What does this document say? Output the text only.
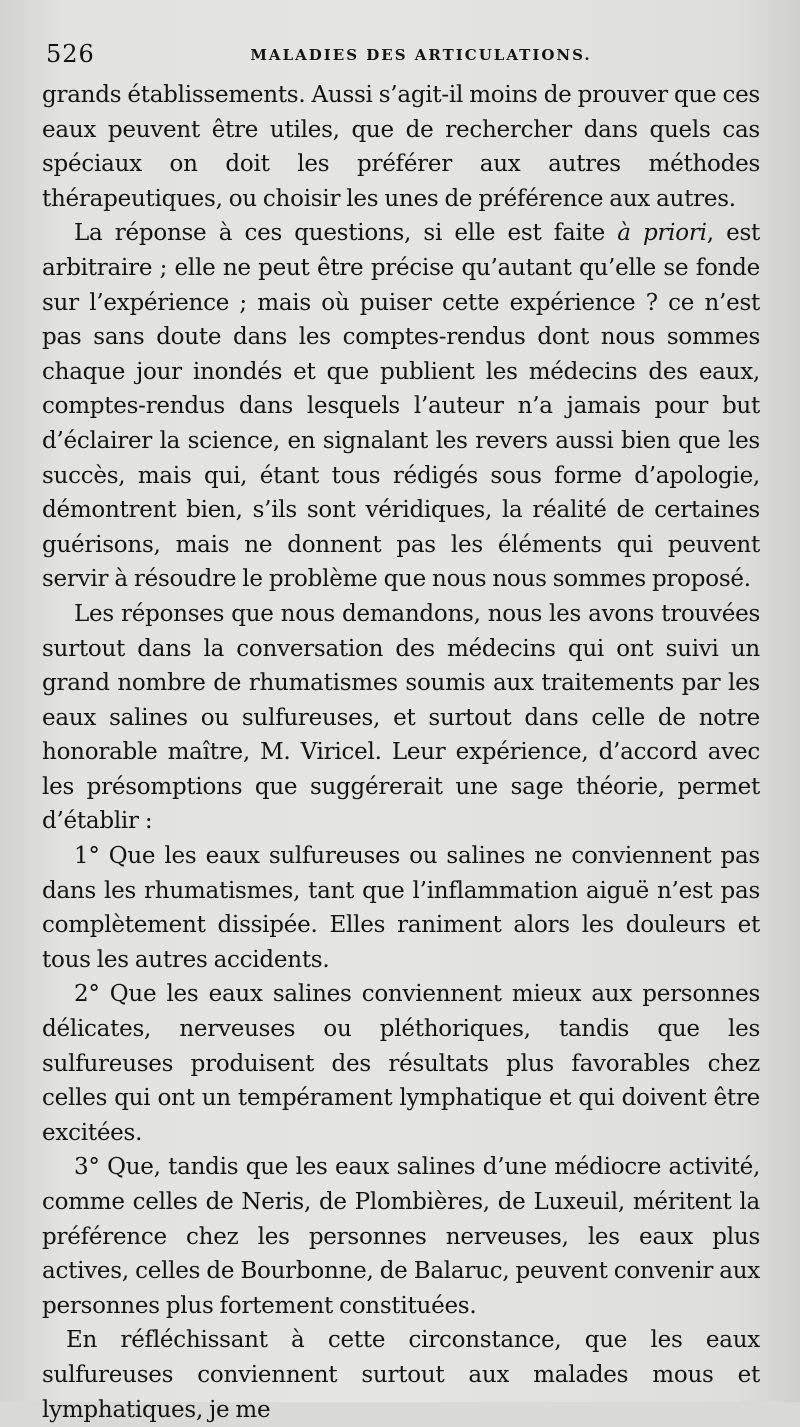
526	MALADIES DES ARTICULATIONS.

grands établissements. Aussi s’agit-il moins de prouver que ces eaux peuvent être utiles, que de rechercher dans quels cas spéciaux on doit les préférer aux autres méthodes thérapeutiques, ou choisir les unes de préférence aux autres.

La réponse à ces questions, si elle est faite à priori, est arbitraire ; elle ne peut être précise qu’autant qu’elle se fonde sur l’expérience ; mais où puiser cette expérience ? ce n’est pas sans doute dans les comptes-rendus dont nous sommes chaque jour inondés et que publient les médecins des eaux, comptes-rendus dans lesquels l’auteur n’a jamais pour but d’éclairer la science, en signalant les revers aussi bien que les succès, mais qui, étant tous rédigés sous forme d’apologie, démontrent bien, s’ils sont véridiques, la réalité de certaines guérisons, mais ne donnent pas les éléments qui peuvent servir à résoudre le problème que nous nous sommes proposé.

Les réponses que nous demandons, nous les avons trouvées surtout dans la conversation des médecins qui ont suivi un grand nombre de rhumatismes soumis aux traitements par les eaux salines ou sulfureuses, et surtout dans celle de notre honorable maître, M. Viricel. Leur expérience, d’accord avec les présomptions que suggérerait une sage théorie, permet d’établir :

1° Que les eaux sulfureuses ou salines ne conviennent pas dans les rhumatismes, tant que l’inflammation aiguë n’est pas complètement dissipée. Elles raniment alors les douleurs et tous les autres accidents.

2° Que les eaux salines conviennent mieux aux personnes délicates, nerveuses ou pléthoriques, tandis que les sulfureuses produisent des résultats plus favorables chez celles qui ont un tempérament lymphatique et qui doivent être excitées.

3° Que, tandis que les eaux salines d’une médiocre activité, comme celles de Neris, de Plombières, de Luxeuil, méritent la préférence chez les personnes nerveuses, les eaux plus actives, celles de Bourbonne, de Balaruc, peuvent convenir aux personnes plus fortement constituées.

En réfléchissant à cette circonstance, que les eaux sulfureuses conviennent surtout aux malades mous et lymphatiques, je me
